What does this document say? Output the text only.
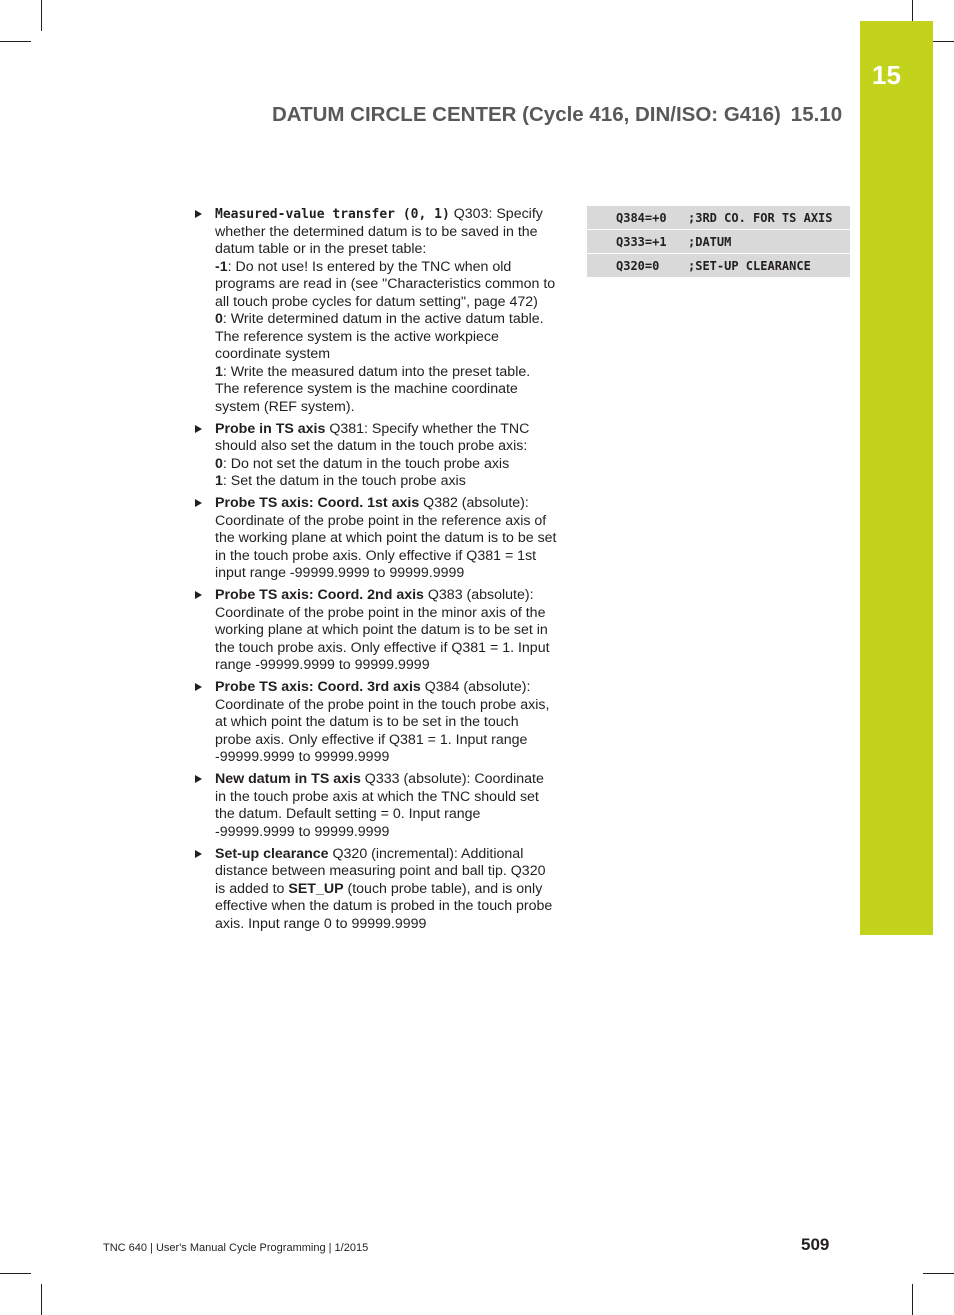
15
DATUM CIRCLE CENTER (Cycle 416, DIN/ISO: G416) 15.10
Measured-value transfer (0, 1) Q303: Specify whether the determined datum is to be saved in the datum table or in the preset table:
-1: Do not use! Is entered by the TNC when old programs are read in (see "Characteristics common to all touch probe cycles for datum setting", page 472)
0: Write determined datum in the active datum table. The reference system is the active workpiece coordinate system
1: Write the measured datum into the preset table. The reference system is the machine coordinate system (REF system).
Probe in TS axis Q381: Specify whether the TNC should also set the datum in the touch probe axis:
0: Do not set the datum in the touch probe axis
1: Set the datum in the touch probe axis
Probe TS axis: Coord. 1st axis Q382 (absolute): Coordinate of the probe point in the reference axis of the working plane at which point the datum is to be set in the touch probe axis. Only effective if Q381 = 1st input range -99999.9999 to 99999.9999
Probe TS axis: Coord. 2nd axis Q383 (absolute): Coordinate of the probe point in the minor axis of the working plane at which point the datum is to be set in the touch probe axis. Only effective if Q381 = 1. Input range -99999.9999 to 99999.9999
Probe TS axis: Coord. 3rd axis Q384 (absolute): Coordinate of the probe point in the touch probe axis, at which point the datum is to be set in the touch probe axis. Only effective if Q381 = 1. Input range -99999.9999 to 99999.9999
New datum in TS axis Q333 (absolute): Coordinate in the touch probe axis at which the TNC should set the datum. Default setting = 0. Input range -99999.9999 to 99999.9999
Set-up clearance Q320 (incremental): Additional distance between measuring point and ball tip. Q320 is added to SET_UP (touch probe table), and is only effective when the datum is probed in the touch probe axis. Input range 0 to 99999.9999
Q384=+0	;3RD CO. FOR TS AXIS
Q333=+1	;DATUM
Q320=0	;SET-UP CLEARANCE
TNC 640 | User's Manual Cycle Programming | 1/2015	509
